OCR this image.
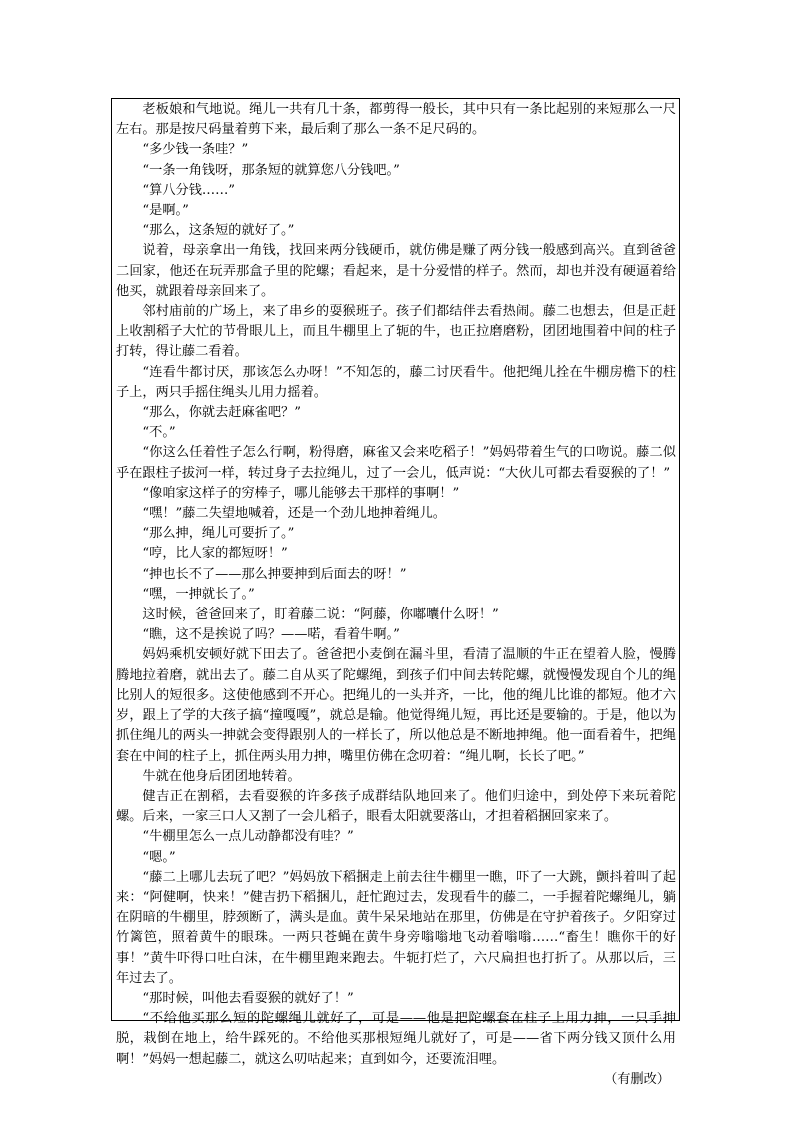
老板娘和气地说。绳儿一共有几十条，都剪得一般长，其中只有一条比起别的来短那么一尺左右。那是按尺码量着剪下来，最后剩了那么一条不足尺码的。

“多少钱一条哇？”

“一条一角钱呀，那条短的就算您八分钱吧。”

“算八分钱……”

“是啊。”

“那么，这条短的就好了。”

说着，母亲拿出一角钱，找回来两分钱硬币，就仿佛是赚了两分钱一般感到高兴。直到爸爸二回家，他还在玩弄那盒子里的陀螺；看起来，是十分爱惜的样子。然而，却也并没有硬逼着给他买，就跟着母亲回来了。

邻村庙前的广场上，来了串乡的耍猴班子。孩子们都结伴去看热闹。藤二也想去，但是正赶上收割稻子大忙的节骨眼儿上，而且牛棚里上了轭的牛，也正拉磨磨粉，团团地围着中间的柱子打转，得让藤二看着。

“连看牛都讨厌，那该怎么办呀！”不知怎的，藤二讨厌看牛。他把绳儿拴在牛棚房檐下的柱子上，两只手摇住绳头儿用力摇着。

“那么，你就去赶麻雀吧？”

“不。”

“你这么任着性子怎么行啊，粉得磨，麻雀又会来吃稻子！”妈妈带着生气的口吻说。藤二似乎在跟柱子拔河一样，转过身子去拉绳儿，过了一会儿，低声说：“大伙儿可都去看耍猴的了！”

“像咱家这样子的穷棒子，哪儿能够去干那样的事啊！”

“嘿！”藤二失望地喊着，还是一个劲儿地抻着绳儿。

“那么抻，绳儿可要折了。”

“哼，比人家的都短呀！”

“抻也长不了——那么抻要抻到后面去的呀！”

“嘿，一抻就长了。”

这时候，爸爸回来了，盯着藤二说：“阿藤，你嘟囔什么呀！”

“瞧，这不是挨说了吗？——喏，看着牛啊。”

妈妈乘机安顿好就下田去了。爸爸把小麦倒在漏斗里，看清了温顺的牛正在望着人脸，慢腾腾地拉着磨，就出去了。藤二自从买了陀螺绳，到孩子们中间去转陀螺，就慢慢发现自个儿的绳比别人的短很多。这使他感到不开心。把绳儿的一头并齐，一比，他的绳儿比谁的都短。他才六岁，跟上了学的大孩子搞“撞嘎嘎”，就总是输。他觉得绳儿短，再比还是要输的。于是，他以为抓住绳儿的两头一抻就会变得跟别人的一样长了，所以他总是不断地抻绳。他一面看着牛，把绳套在中间的柱子上，抓住两头用力抻，嘴里仿佛在念叨着：“绳儿啊，长长了吧。”

牛就在他身后团团地转着。

健吉正在割稻，去看耍猴的许多孩子成群结队地回来了。他们归途中，到处停下来玩着陀螺。后来，一家三口人又割了一会儿稻子，眼看太阳就要落山，才担着稻捆回家来了。

“牛棚里怎么一点儿动静都没有哇？”

“嗯。”

“藤二上哪儿去玩了吧？”妈妈放下稻捆走上前去往牛棚里一瞧，吓了一大跳，颤抖着叫了起来：“阿健啊，快来！”健吉扔下稻捆儿，赶忙跑过去，发现看牛的藤二，一手握着陀螺绳儿，躺在阴暗的牛棚里，脖颈断了，满头是血。黄牛呆呆地站在那里，仿佛是在守护着孩子。夕阳穿过竹篱笆，照着黄牛的眼珠。一两只苍蝇在黄牛身旁嗡嗡地飞动着嗡嗡……“畜生！瞧你干的好事！”黄牛吓得口吐白沫，在牛棚里跑来跑去。牛轭打烂了，六尺扁担也打折了。从那以后，三年过去了。

“那时候，叫他去看耍猴的就好了！”

“不给他买那么短的陀螺绳儿就好了，可是——他是把陀螺套在柱子上用力抻，一只手抻脱，栽倒在地上，给牛踩死的。不给他买那根短绳儿就好了，可是——省下两分钱又顶什么用啊！”妈妈一想起藤二，就这么叨咕起来；直到如今，还要流泪哩。

（有删改）
